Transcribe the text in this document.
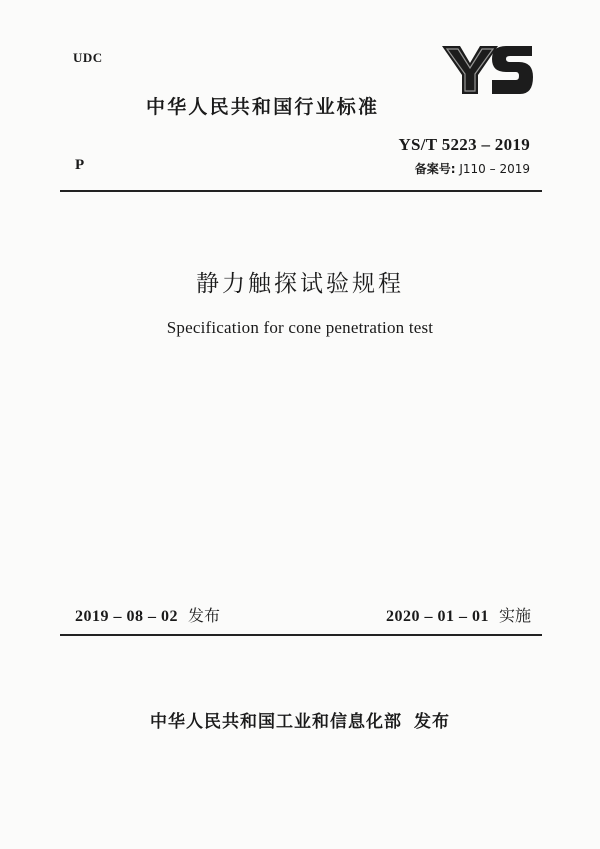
UDC
中华人民共和国行业标准
YS/T 5223 – 2019
P	备案号: J110 – 2019
静力触探试验规程
Specification for cone penetration test
2019 – 08 – 02 发布	2020 – 01 – 01 实施
中华人民共和国工业和信息化部 发布
